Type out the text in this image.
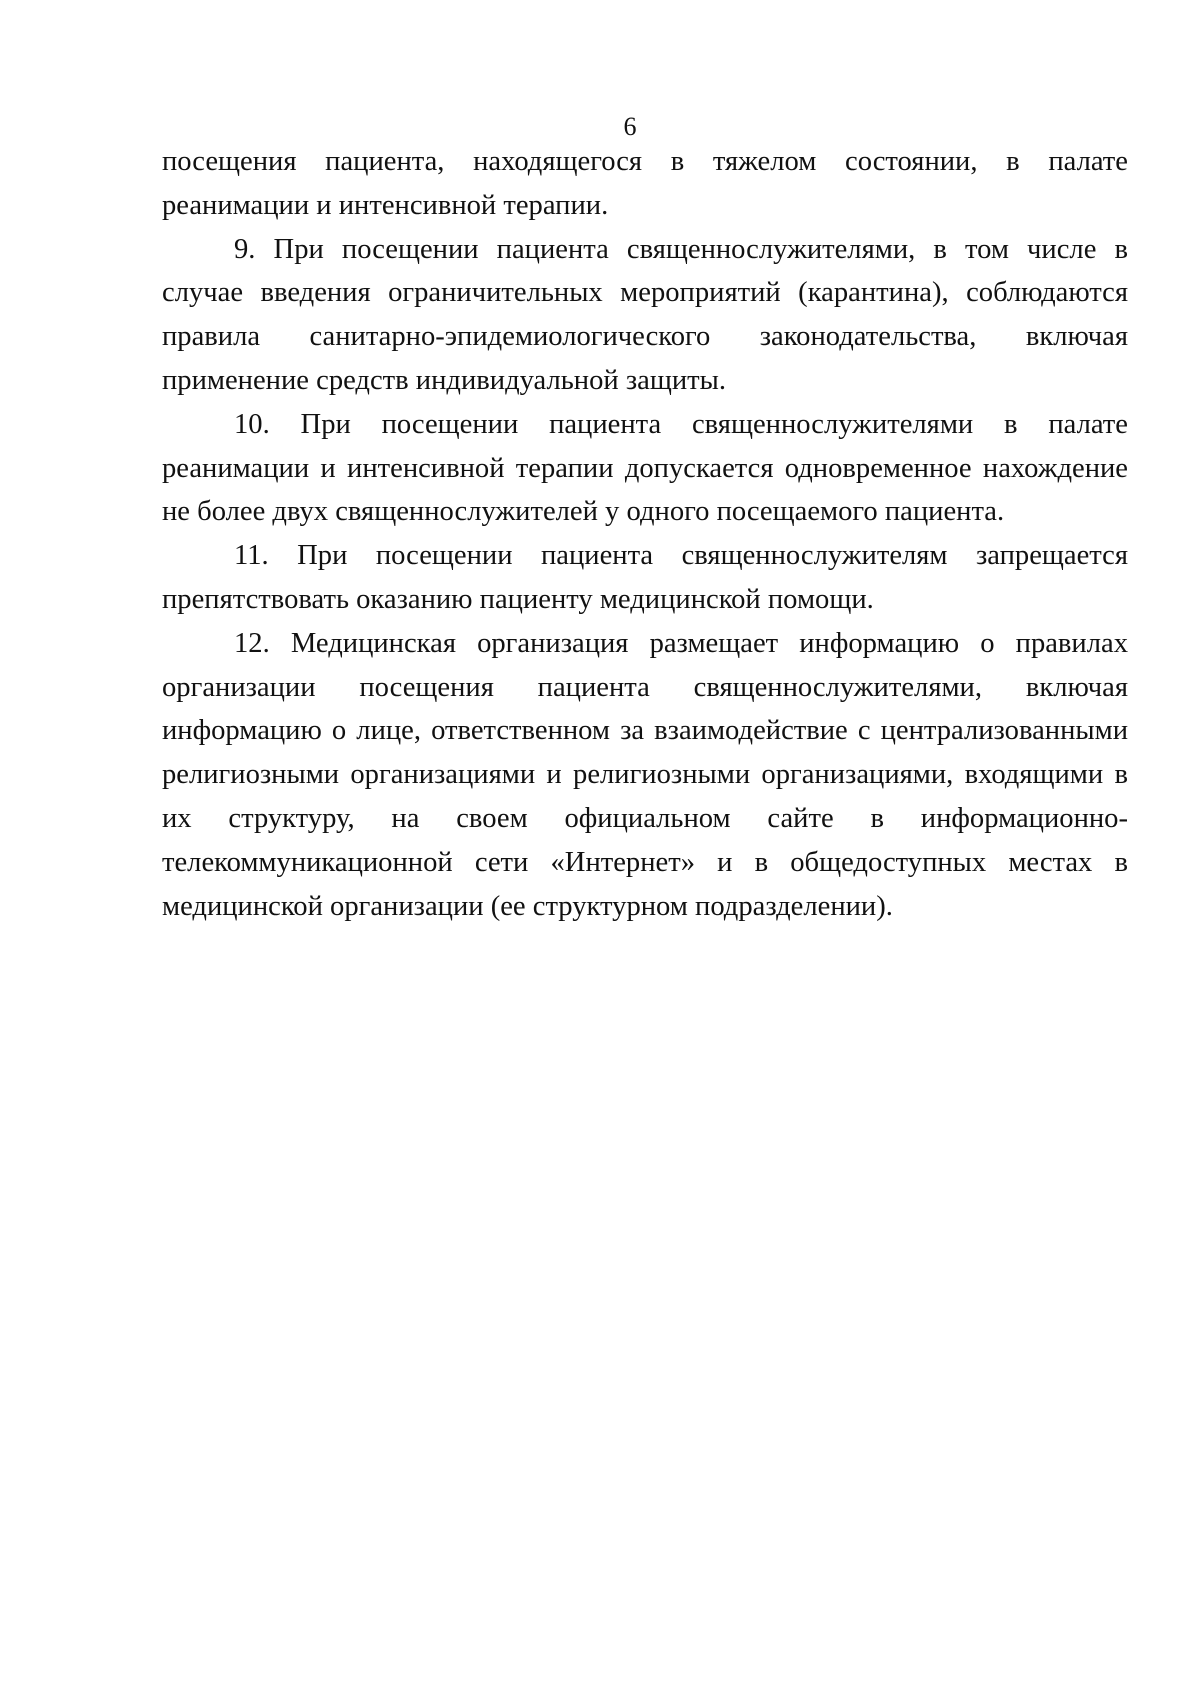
6

посещения пациента, находящегося в тяжелом состоянии, в палате реанимации и интенсивной терапии.

9. При посещении пациента священнослужителями, в том числе в случае введения ограничительных мероприятий (карантина), соблюдаются правила санитарно-эпидемиологического законодательства, включая применение средств индивидуальной защиты.

10. При посещении пациента священнослужителями в палате реанимации и интенсивной терапии допускается одновременное нахождение не более двух священнослужителей у одного посещаемого пациента.

11. При посещении пациента священнослужителям запрещается препятствовать оказанию пациенту медицинской помощи.

12. Медицинская организация размещает информацию о правилах организации посещения пациента священнослужителями, включая информацию о лице, ответственном за взаимодействие с централизованными религиозными организациями и религиозными организациями, входящими в их структуру, на своем официальном сайте в информационно-телекоммуникационной сети «Интернет» и в общедоступных местах в медицинской организации (ее структурном подразделении).
